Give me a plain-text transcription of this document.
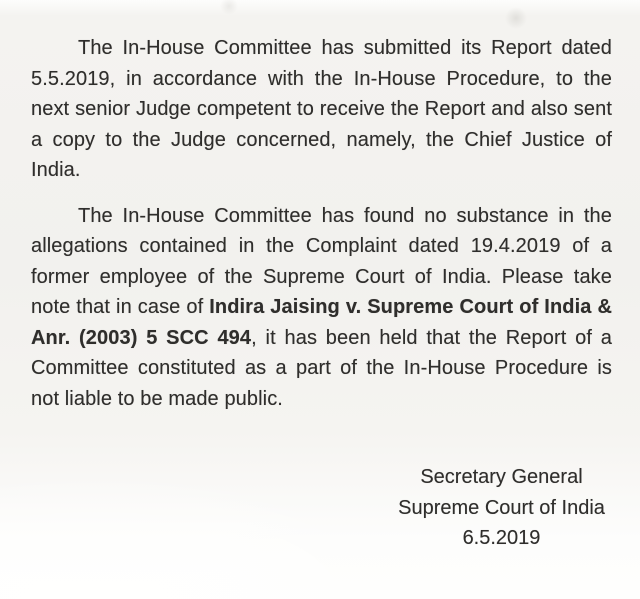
The In-House Committee has submitted its Report dated 5.5.2019, in accordance with the In-House Procedure, to the next senior Judge competent to receive the Report and also sent a copy to the Judge concerned, namely, the Chief Justice of India.

The In-House Committee has found no substance in the allegations contained in the Complaint dated 19.4.2019 of a former employee of the Supreme Court of India. Please take note that in case of Indira Jaising v. Supreme Court of India & Anr. (2003) 5 SCC 494, it has been held that the Report of a Committee constituted as a part of the In-House Procedure is not liable to be made public.

Secretary General
Supreme Court of India
6.5.2019
